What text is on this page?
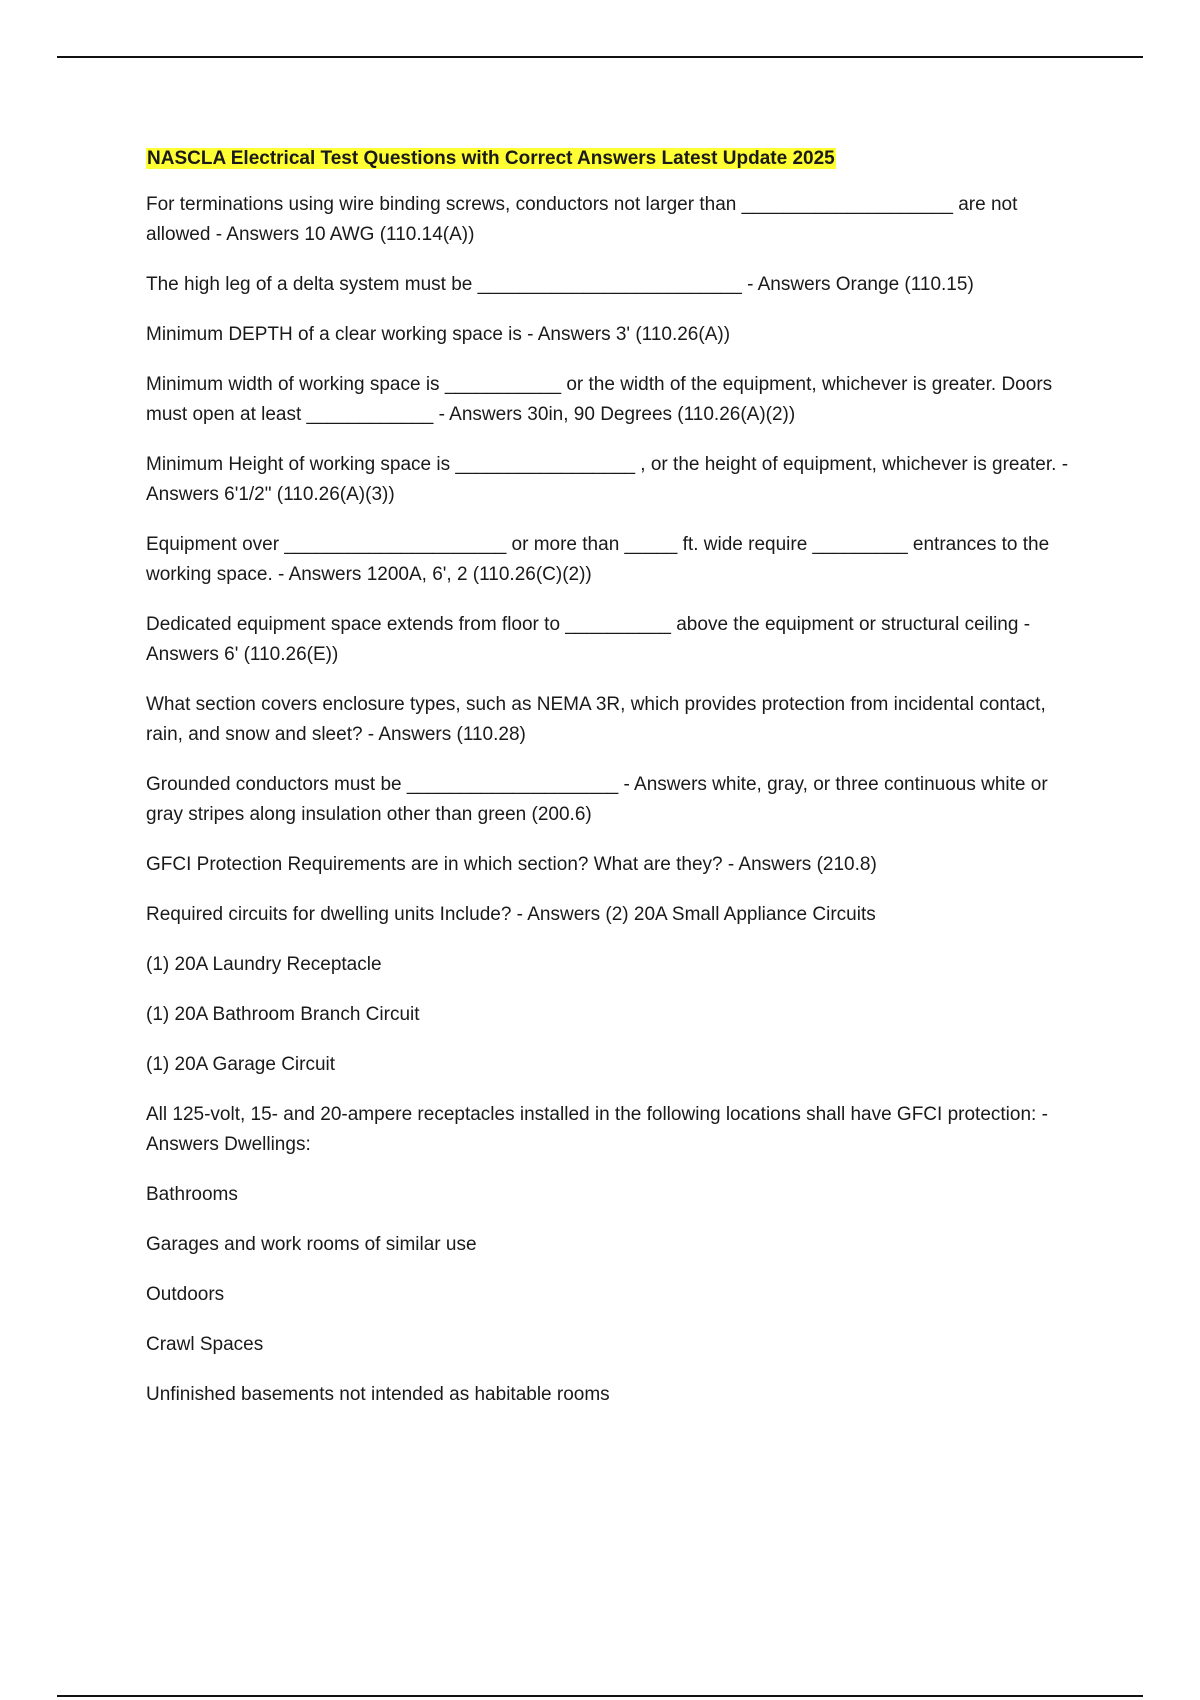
NASCLA Electrical Test Questions with Correct Answers Latest Update 2025

For terminations using wire binding screws, conductors not larger than ____________________ are not allowed - Answers 10 AWG (110.14(A))

The high leg of a delta system must be _________________________ - Answers Orange (110.15)

Minimum DEPTH of a clear working space is - Answers 3' (110.26(A))

Minimum width of working space is ___________ or the width of the equipment, whichever is greater. Doors must open at least ____________ - Answers 30in, 90 Degrees (110.26(A)(2))

Minimum Height of working space is _________________ , or the height of equipment, whichever is greater. - Answers 6'1/2" (110.26(A)(3))

Equipment over _____________________ or more than _____ ft. wide require _________ entrances to the working space. - Answers 1200A, 6', 2 (110.26(C)(2))

Dedicated equipment space extends from floor to __________ above the equipment or structural ceiling - Answers 6' (110.26(E))

What section covers enclosure types, such as NEMA 3R, which provides protection from incidental contact, rain, and snow and sleet? - Answers (110.28)

Grounded conductors must be ____________________ - Answers white, gray, or three continuous white or gray stripes along insulation other than green (200.6)

GFCI Protection Requirements are in which section? What are they? - Answers (210.8)

Required circuits for dwelling units Include? - Answers (2) 20A Small Appliance Circuits

(1) 20A Laundry Receptacle

(1) 20A Bathroom Branch Circuit

(1) 20A Garage Circuit

All 125-volt, 15- and 20-ampere receptacles installed in the following locations shall have GFCI protection: - Answers Dwellings:

Bathrooms

Garages and work rooms of similar use

Outdoors

Crawl Spaces

Unfinished basements not intended as habitable rooms
